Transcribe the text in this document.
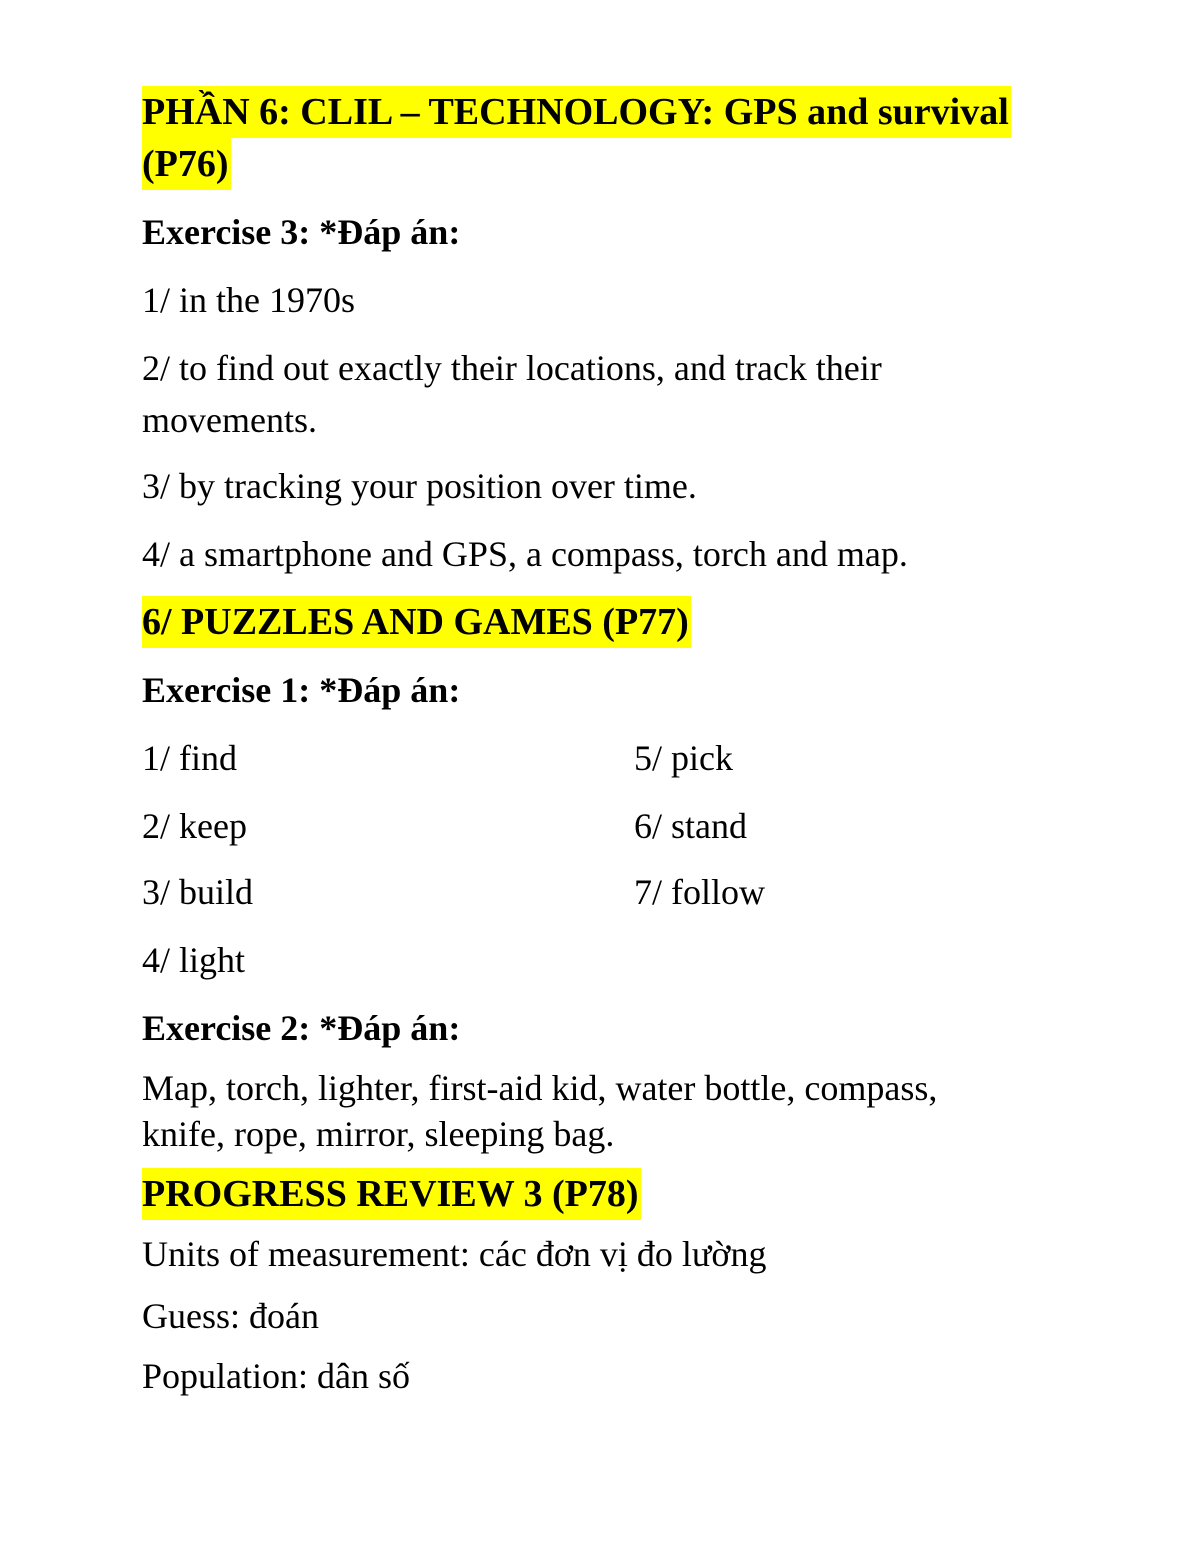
PHẦN 6: CLIL – TECHNOLOGY: GPS and survival
(P76)
Exercise 3: *Đáp án:
1/ in the 1970s
2/ to find out exactly their locations, and track their
movements.
3/ by tracking your position over time.
4/ a smartphone and GPS, a compass, torch and map.
6/ PUZZLES AND GAMES (P77)
Exercise 1: *Đáp án:
1/ find
2/ keep
3/ build
4/ light
5/ pick
6/ stand
7/ follow
Exercise 2: *Đáp án:
Map, torch, lighter, first-aid kid, water bottle, compass,
knife, rope, mirror, sleeping bag.
PROGRESS REVIEW 3 (P78)
Units of measurement: các đơn vị đo lường
Guess: đoán
Population: dân số
